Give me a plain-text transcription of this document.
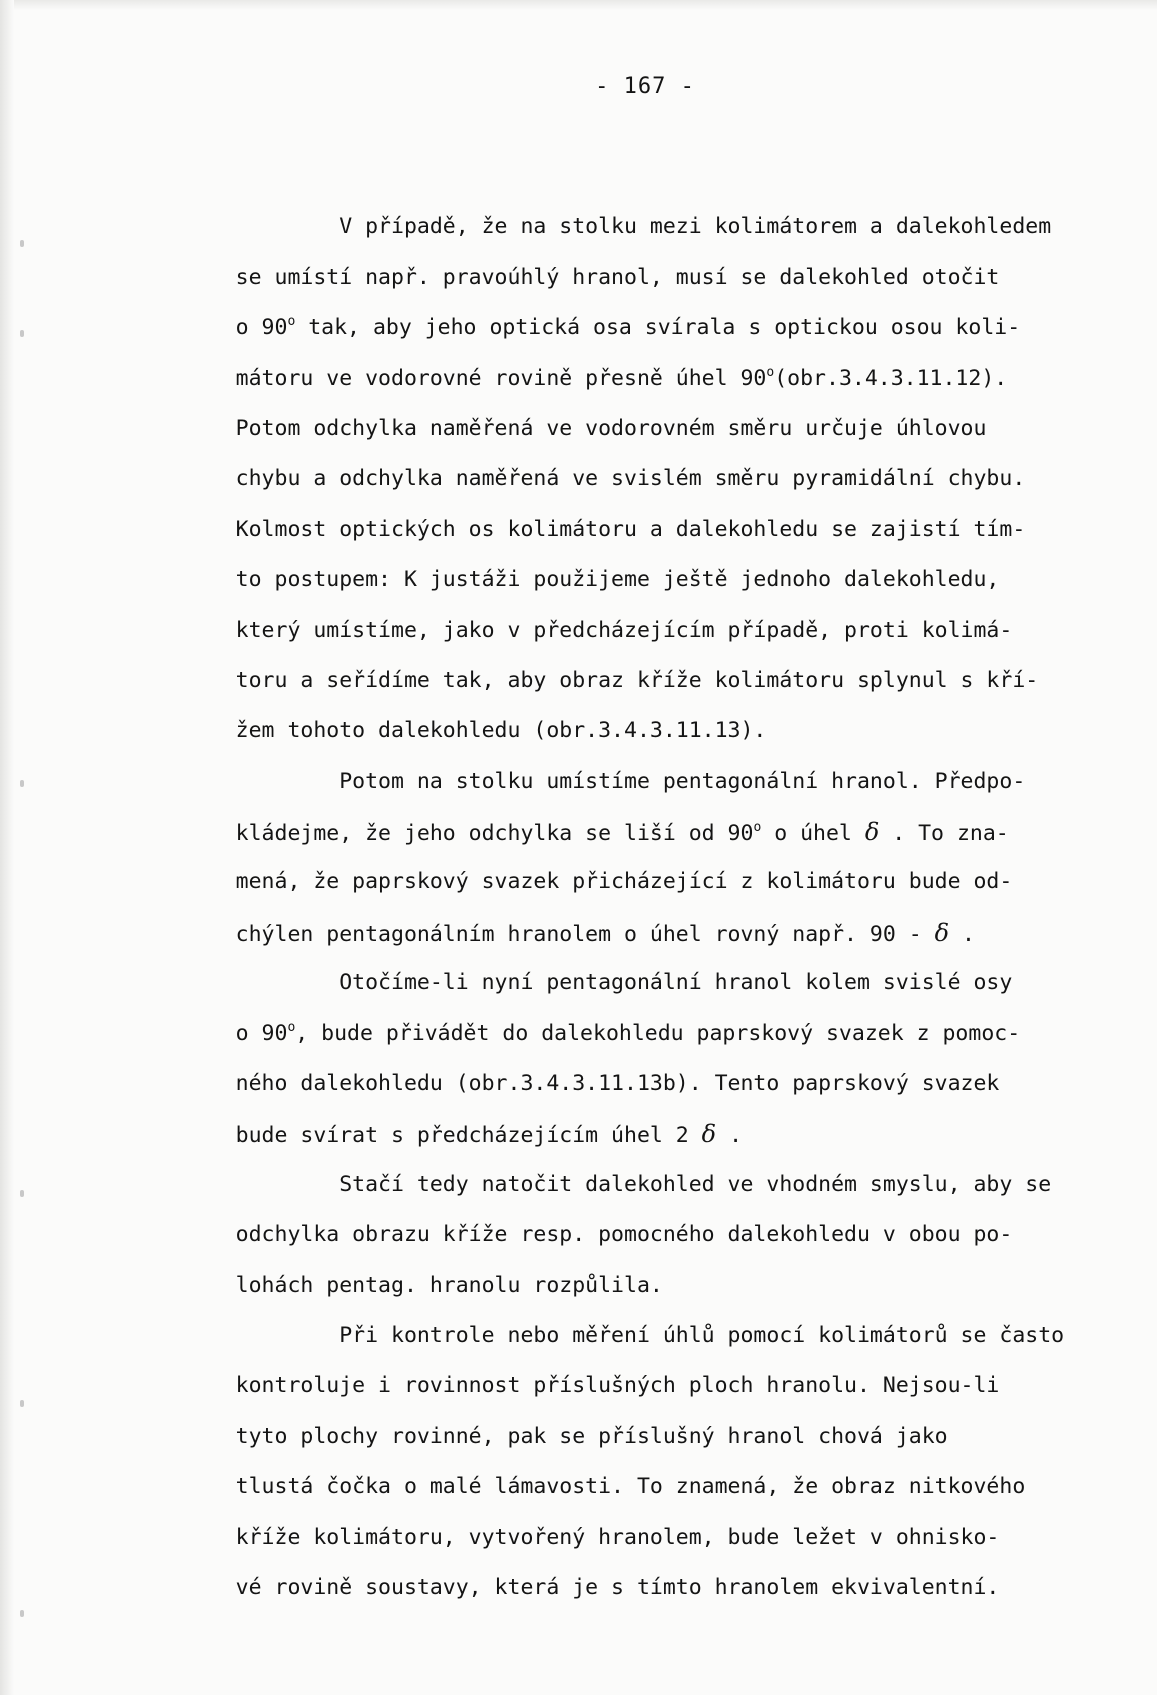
- 167 -

V případě, že na stolku mezi kolimátorem a dalekohledem

se umístí např. pravoúhlý hranol, musí se dalekohled otočit

o 90$^o$ tak, aby jeho optická osa svírala s optickou osou koli-

mátoru ve vodorovné rovině přesně úhel 90$^o$(obr.3.4.3.11.12).

Potom odchylka naměřená ve vodorovném směru určuje úhlovou

chybu a odchylka naměřená ve svislém směru pyramidální chybu.

Kolmost optických os kolimátoru a dalekohledu se zajistí tím-

to postupem: K justáži použijeme ještě jednoho dalekohledu,

který umístíme, jako v předcházejícím případě, proti kolimá-

toru a seřídíme tak, aby obraz kříže kolimátoru splynul s kří-

žem tohoto dalekohledu (obr.3.4.3.11.13).

Potom na stolku umístíme pentagonální hranol. Předpo-

kládejme, že jeho odchylka se liší od 90$^o$ o úhel δ . To zna-

mená, že paprskový svazek přicházející z kolimátoru bude od-

chýlen pentagonálním hranolem o úhel rovný např. 90 - δ .

Otočíme-li nyní pentagonální hranol kolem svislé osy

o 90$^o$, bude přivádět do dalekohledu paprskový svazek z pomoc-

ného dalekohledu (obr.3.4.3.11.13b). Tento paprskový svazek

bude svírat s předcházejícím úhel 2 δ .

Stačí tedy natočit dalekohled ve vhodném smyslu, aby se

odchylka obrazu kříže resp. pomocného dalekohledu v obou po-

lohách pentag. hranolu rozpůlila.

Při kontrole nebo měření úhlů pomocí kolimátorů se často

kontroluje i rovinnost příslušných ploch hranolu. Nejsou-li

tyto plochy rovinné, pak se příslušný hranol chová jako

tlustá čočka o malé lámavosti. To znamená, že obraz nitkového

kříže kolimátoru, vytvořený hranolem, bude ležet v ohnisko-

vé rovině soustavy, která je s tímto hranolem ekvivalentní.
